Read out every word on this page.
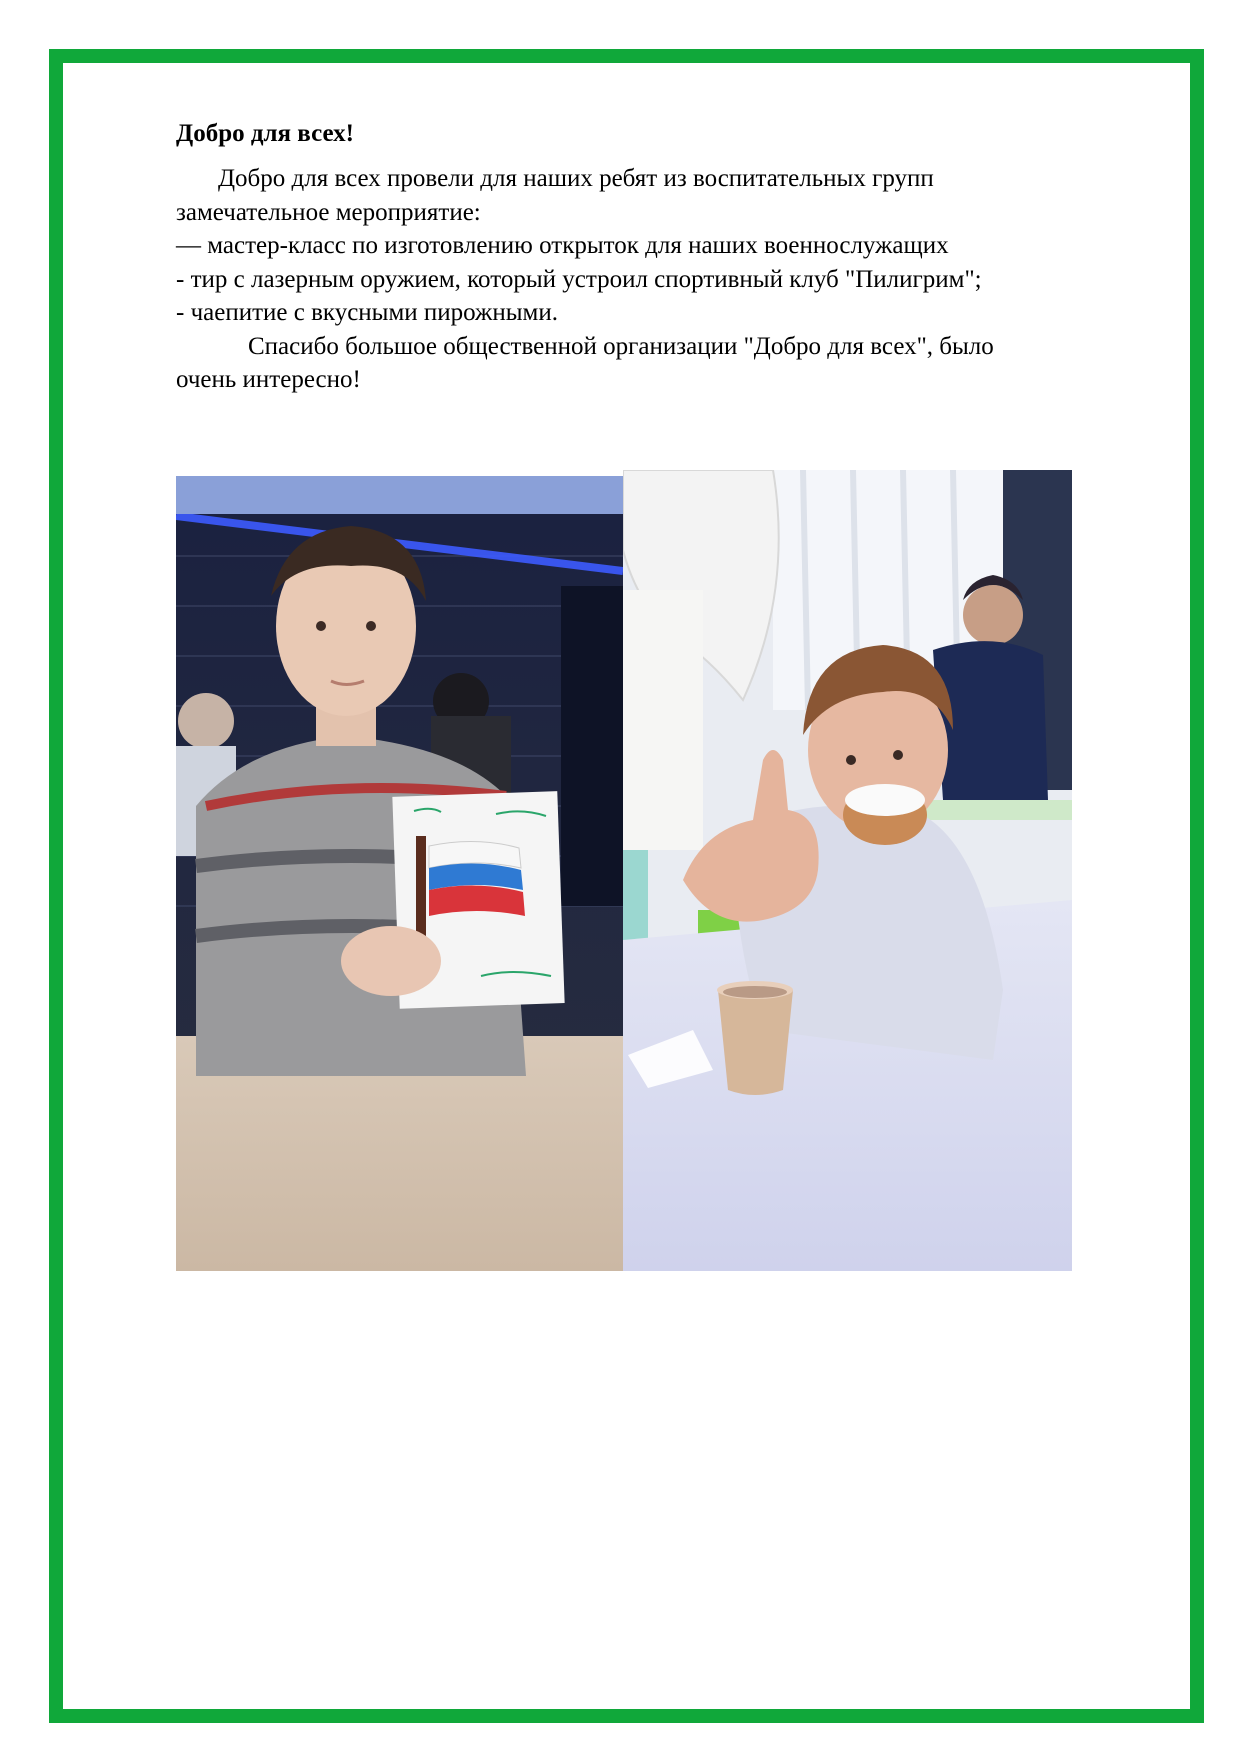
Добро для всех!

Добро для всех провели для наших ребят из воспитательных групп

замечательное мероприятие:

— мастер-класс по изготовлению открыток для наших военнослужащих

- тир с лазерным оружием, который устроил спортивный клуб "Пилигрим";

- чаепитие с вкусными пирожными.

Спасибо большое общественной организации "Добро для всех", было

очень интересно!
